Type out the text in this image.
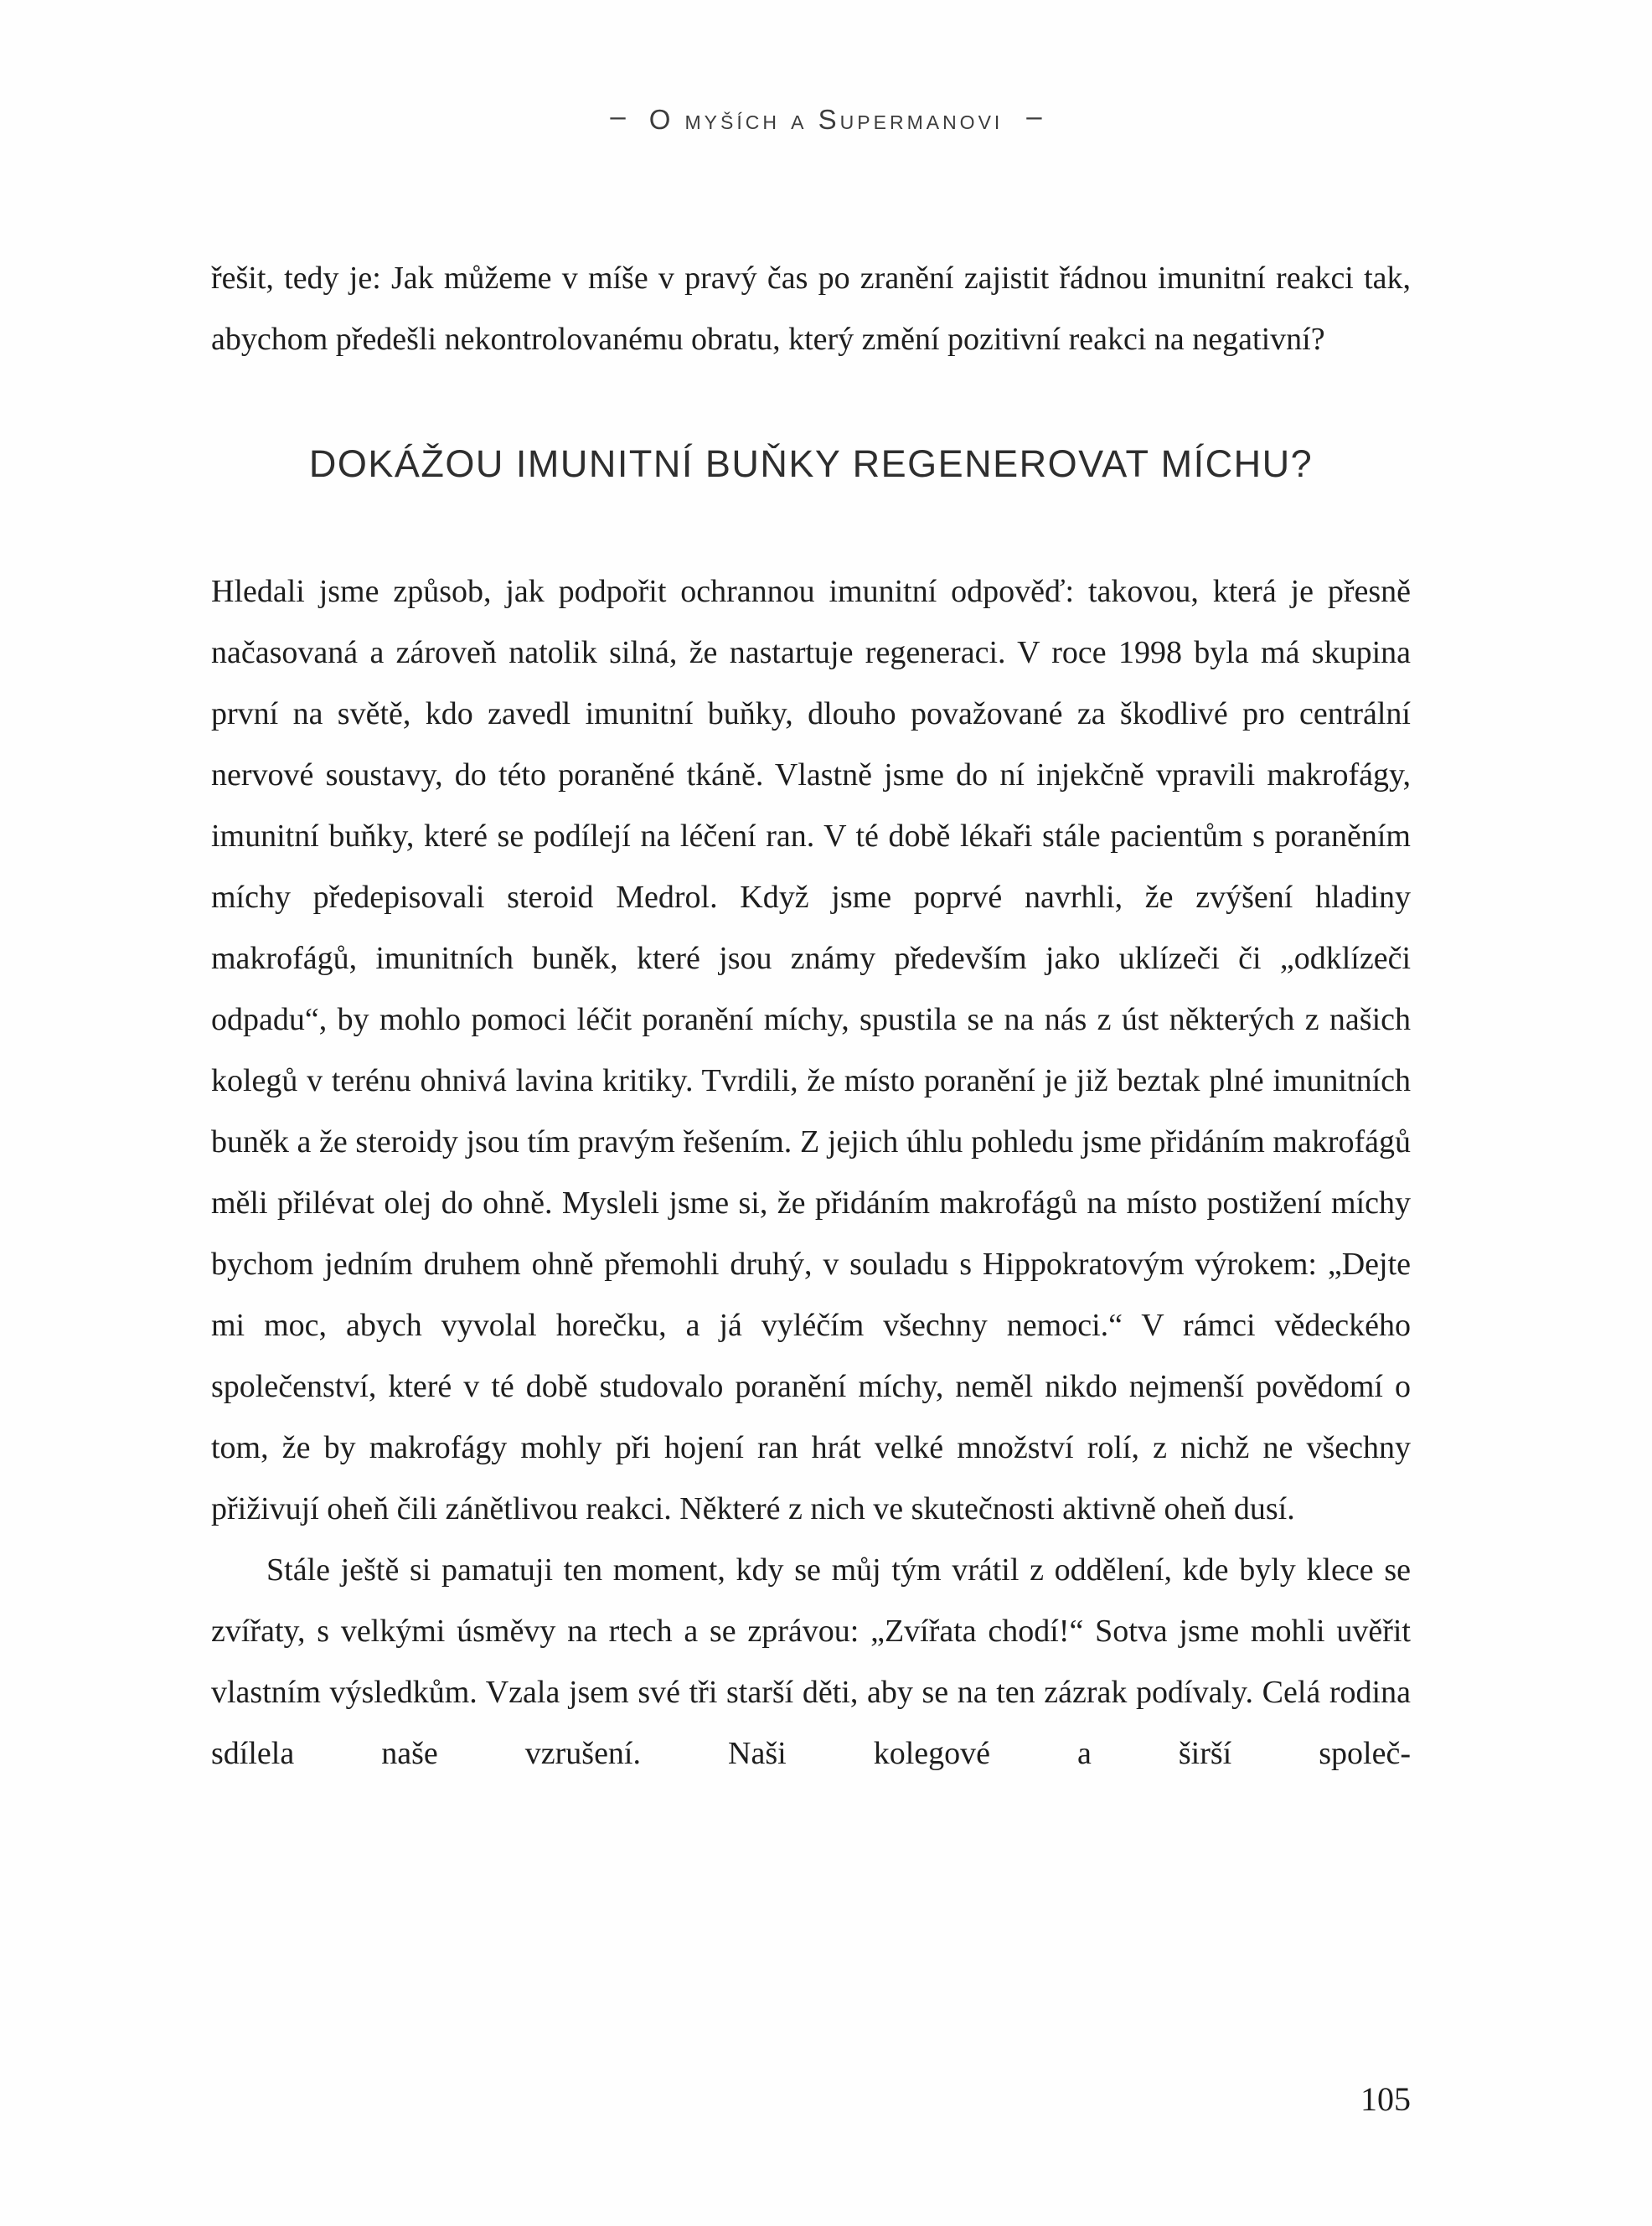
– O myších a Supermanovi –

řešit, tedy je: Jak můžeme v míše v pravý čas po zranění zajistit řádnou imunitní reakci tak, abychom předešli nekontrolovanému obratu, který změní pozitivní reakci na negativní?

DOKÁŽOU IMUNITNÍ BUŇKY REGENEROVAT MÍCHU?

Hledali jsme způsob, jak podpořit ochrannou imunitní odpověď: takovou, která je přesně načasovaná a zároveň natolik silná, že nastartuje regeneraci. V roce 1998 byla má skupina první na světě, kdo zavedl imunitní buňky, dlouho považované za škodlivé pro centrální nervové soustavy, do této poraněné tkáně. Vlastně jsme do ní injekčně vpravili makrofágy, imunitní buňky, které se podílejí na léčení ran. V té době lékaři stále pacientům s poraněním míchy předepisovali steroid Medrol. Když jsme poprvé navrhli, že zvýšení hladiny makrofágů, imunitních buněk, které jsou známy především jako uklízeči či „odklízeči odpadu“, by mohlo pomoci léčit poranění míchy, spustila se na nás z úst některých z našich kolegů v terénu ohnivá lavina kritiky. Tvrdili, že místo poranění je již beztak plné imunitních buněk a že steroidy jsou tím pravým řešením. Z jejich úhlu pohledu jsme přidáním makrofágů měli přilévat olej do ohně. Mysleli jsme si, že přidáním makrofágů na místo postižení míchy bychom jedním druhem ohně přemohli druhý, v souladu s Hippokratovým výrokem: „Dejte mi moc, abych vyvolal horečku, a já vyléčím všechny nemoci.“ V rámci vědeckého společenství, které v té době studovalo poranění míchy, neměl nikdo nejmenší povědomí o tom, že by makrofágy mohly při hojení ran hrát velké množství rolí, z nichž ne všechny přiživují oheň čili zánětlivou reakci. Některé z nich ve skutečnosti aktivně oheň dusí.

Stále ještě si pamatuji ten moment, kdy se můj tým vrátil z oddělení, kde byly klece se zvířaty, s velkými úsměvy na rtech a se zprávou: „Zvířata chodí!“ Sotva jsme mohli uvěřit vlastním výsledkům. Vzala jsem své tři starší děti, aby se na ten zázrak podívaly. Celá rodina sdílela naše vzrušení. Naši kolegové a širší společ-

105
